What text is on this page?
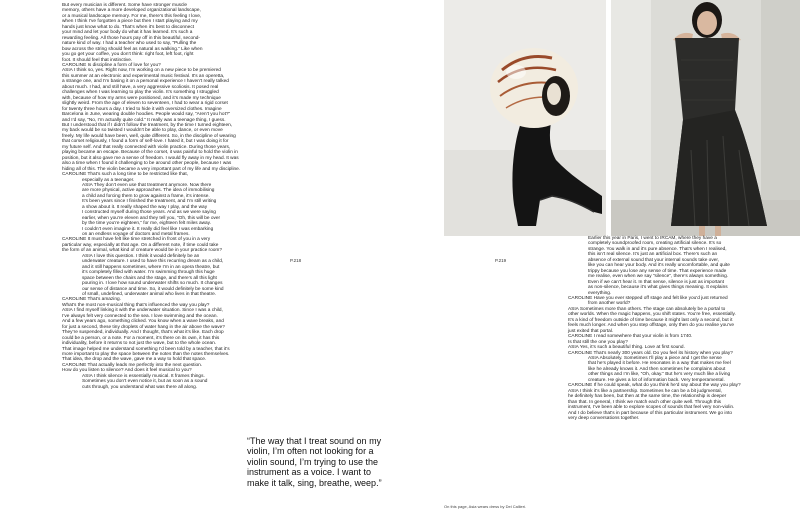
But every musician is different. Some have stronger muscle

memory, others have a more developed organizational landscape,

or a musical landscape memory. For me, there’s this feeling I love,

when I think I’ve forgotten a piece but then I start playing and my

hands just know what to do. That’s when it’s best to disconnect

your mind and let your body do what it has learned. It’s such a

rewarding feeling. All those hours pay off in this beautiful, second-

nature kind of way. I had a teacher who used to say, “Pulling the

bow across the string should feel as natural as walking.” Like when

you go get your coffee, you don’t think: right foot, left foot, right

foot. It should feel that instinctive.

CAROLINE Is discipline a form of love for you?

ASIA I think so, yes. Right now, I’m working on a new piece to be premiered

this summer at an electronic and experimental music festival. It’s an operetta,

a strange one, and I’m basing it on a personal experience I haven’t really talked

about much. I had, and still have, a very aggressive scoliosis. It posed real

challenges when I was learning to play the violin. It’s something I struggled

with, because of how my arms were positioned, and it’s made my technique

slightly weird. From the age of eleven to seventeen, I had to wear a rigid corset

for twenty three hours a day. I tried to hide it with oversized clothes. Imagine

Barcelona in June, wearing double hoodies. People would say, “Aren’t you hot?”

and I’d say, “No, I’m actually quite cold.” It really was a teenage thing, I guess.

But I understood that if I didn’t follow the treatment, by the time I turned eighteen,

my back would be so twisted I wouldn’t be able to play, dance, or even move

freely. My life would have been, well, quite different. So, in the discipline of wearing

that corset religiously, I found a form of self-love. I hated it, but I was doing it for

my future self. And that really connected with violin practice. During those years,

playing became an escape. Because of the corset, it was painful to hold the violin in

position, but it also gave me a sense of freedom. I would fly away in my head. It was

also a time when I found it challenging to be around other people, because I was

hiding all of this. The violin became a very important part of my life and my discipline.

CAROLINE That’s such a long time to be restricted like that,

especially as a teenager.

ASIA They don’t even use that treatment anymore. Now there

are more physical, active approaches. The idea of immobilising

a child and forcing them to grow against a frame, it’s intense.

It’s been years since I finished the treatment, and I’m still writing

a show about it. It really shaped the way I play, and the way

I constructed myself during those years. And as we were saying

earlier, when you’re eleven and they tell you, “Oh, this will be over

by the time you’re eighteen,” for me, eighteen felt miles away.

I couldn’t even imagine it. It really did feel like I was embarking

on an endless voyage of doctors and metal frames.

CAROLINE It must have felt like time stretched in front of you in a very

particular way, especially at that age. On a different note, if time could take

the form of an animal, what kind of creature would be in your practice room?

ASIA I love this question. I think it would definitely be an

underwater creature. I used to have this recurring dream as a child,

and it still happens sometimes, where I’m in an opera theatre, but

it’s completely filled with water. I’m swimming through this huge

space between the chairs and the stage, and there’s all this light

pouring in. I love how sound underwater shifts so much. It changes

our sense of distance and time. So, it would definitely be some kind

of small, undefined, underwater animal who lives in that theatre.

CAROLINE That’s amazing.

What’s the most non-musical thing that’s influenced the way you play?

ASIA I find myself linking it with the underwater situation. Since I was a child,

I’ve always felt very connected to the sea. I love swimming and the ocean.

And a few years ago, something clicked. You know when a wave breaks, and

for just a second, these tiny droplets of water hang in the air above the wave?

They’re suspended, individually. And I thought, that’s what it’s like. Each drop

could be a person, or a note. For a moment, it’s there on its own, it has this

individuality, before it returns to not just the wave, but to the whole ocean.

That image helped me understand something I’d been told by a teacher, that it’s

more important to play the space between the notes than the notes themselves.

That idea, the drop and the wave, gave me a way to hold that space.

CAROLINE That actually leads me perfectly into the next question.

How do you listen to silence? And does it feel musical to you?

ASIA I think silence is essentially musical. It frames things.

Sometimes you don’t even notice it, but as soon as a sound

cuts through, you understand what was there all along.

P.218	P.219
“The way that I treat sound on my violin, I’m often not looking for a violin sound, I’m trying to use the instrument as a voice. I want to make it talk, sing, breathe, weep.”

Earlier this year in Paris, I went to IRCAM, where they have a

completely soundproofed room, creating artificial silence. It’s so

strange. You walk in and it’s pure absence. That’s when I realised,

this isn’t real silence. It’s just an artificial box. There’s such an

absence of external sound that your internal sounds take over,

like you can hear your body. And it’s really uncomfortable, and quite

trippy because you lose any sense of time. That experience made

me realise, even when we say “silence”, there’s always something.

Even if we can’t hear it. In that sense, silence is just as important

as non-silence, because it’s what gives things meaning. It explains

everything.

CAROLINE Have you ever stepped off stage and felt like you’d just returned

from another world?

ASIA Sometimes more than others. The stage can absolutely be a portal to

other worlds. When the magic happens, you shift states. You’re free, essentially.

It’s a kind of freedom outside of time because it might last only a second, but it

feels much longer. And when you step offstage, only then do you realise you’ve

just exited that portal.

CAROLINE I read somewhere that your violin is from 1740.

Is that still the one you play?

ASIA Yes, it’s such a beautiful thing. Love at first sound.

CAROLINE That’s nearly 300 years old. Do you feel its history when you play?

ASIA Absolutely. Sometimes I’ll play a piece and I get the sense

that he’s played it before. He resonates in a way that makes me feel

like he already knows it. And then sometimes he complains about

other things and I’m like, “Oh, okay.” But he’s very much like a living

creature. He gives a lot of information back. Very temperamental.

CAROLINE If he could speak, what do you think he’d say about the way you play?

ASIA I think it’s like a partnership. Sometimes he can be a bit judgmental,

he definitely has been, but then at the same time, the relationship is deeper

than that. In general, I think we match each other quite well. Through this

instrument, I’ve been able to explore scopes of sounds that feel very non-violin.

And I do believe that’s in part because of this particular instrument. We go into

very deep conversations together.

On this page, Asia wears dress by Del Callieri.
